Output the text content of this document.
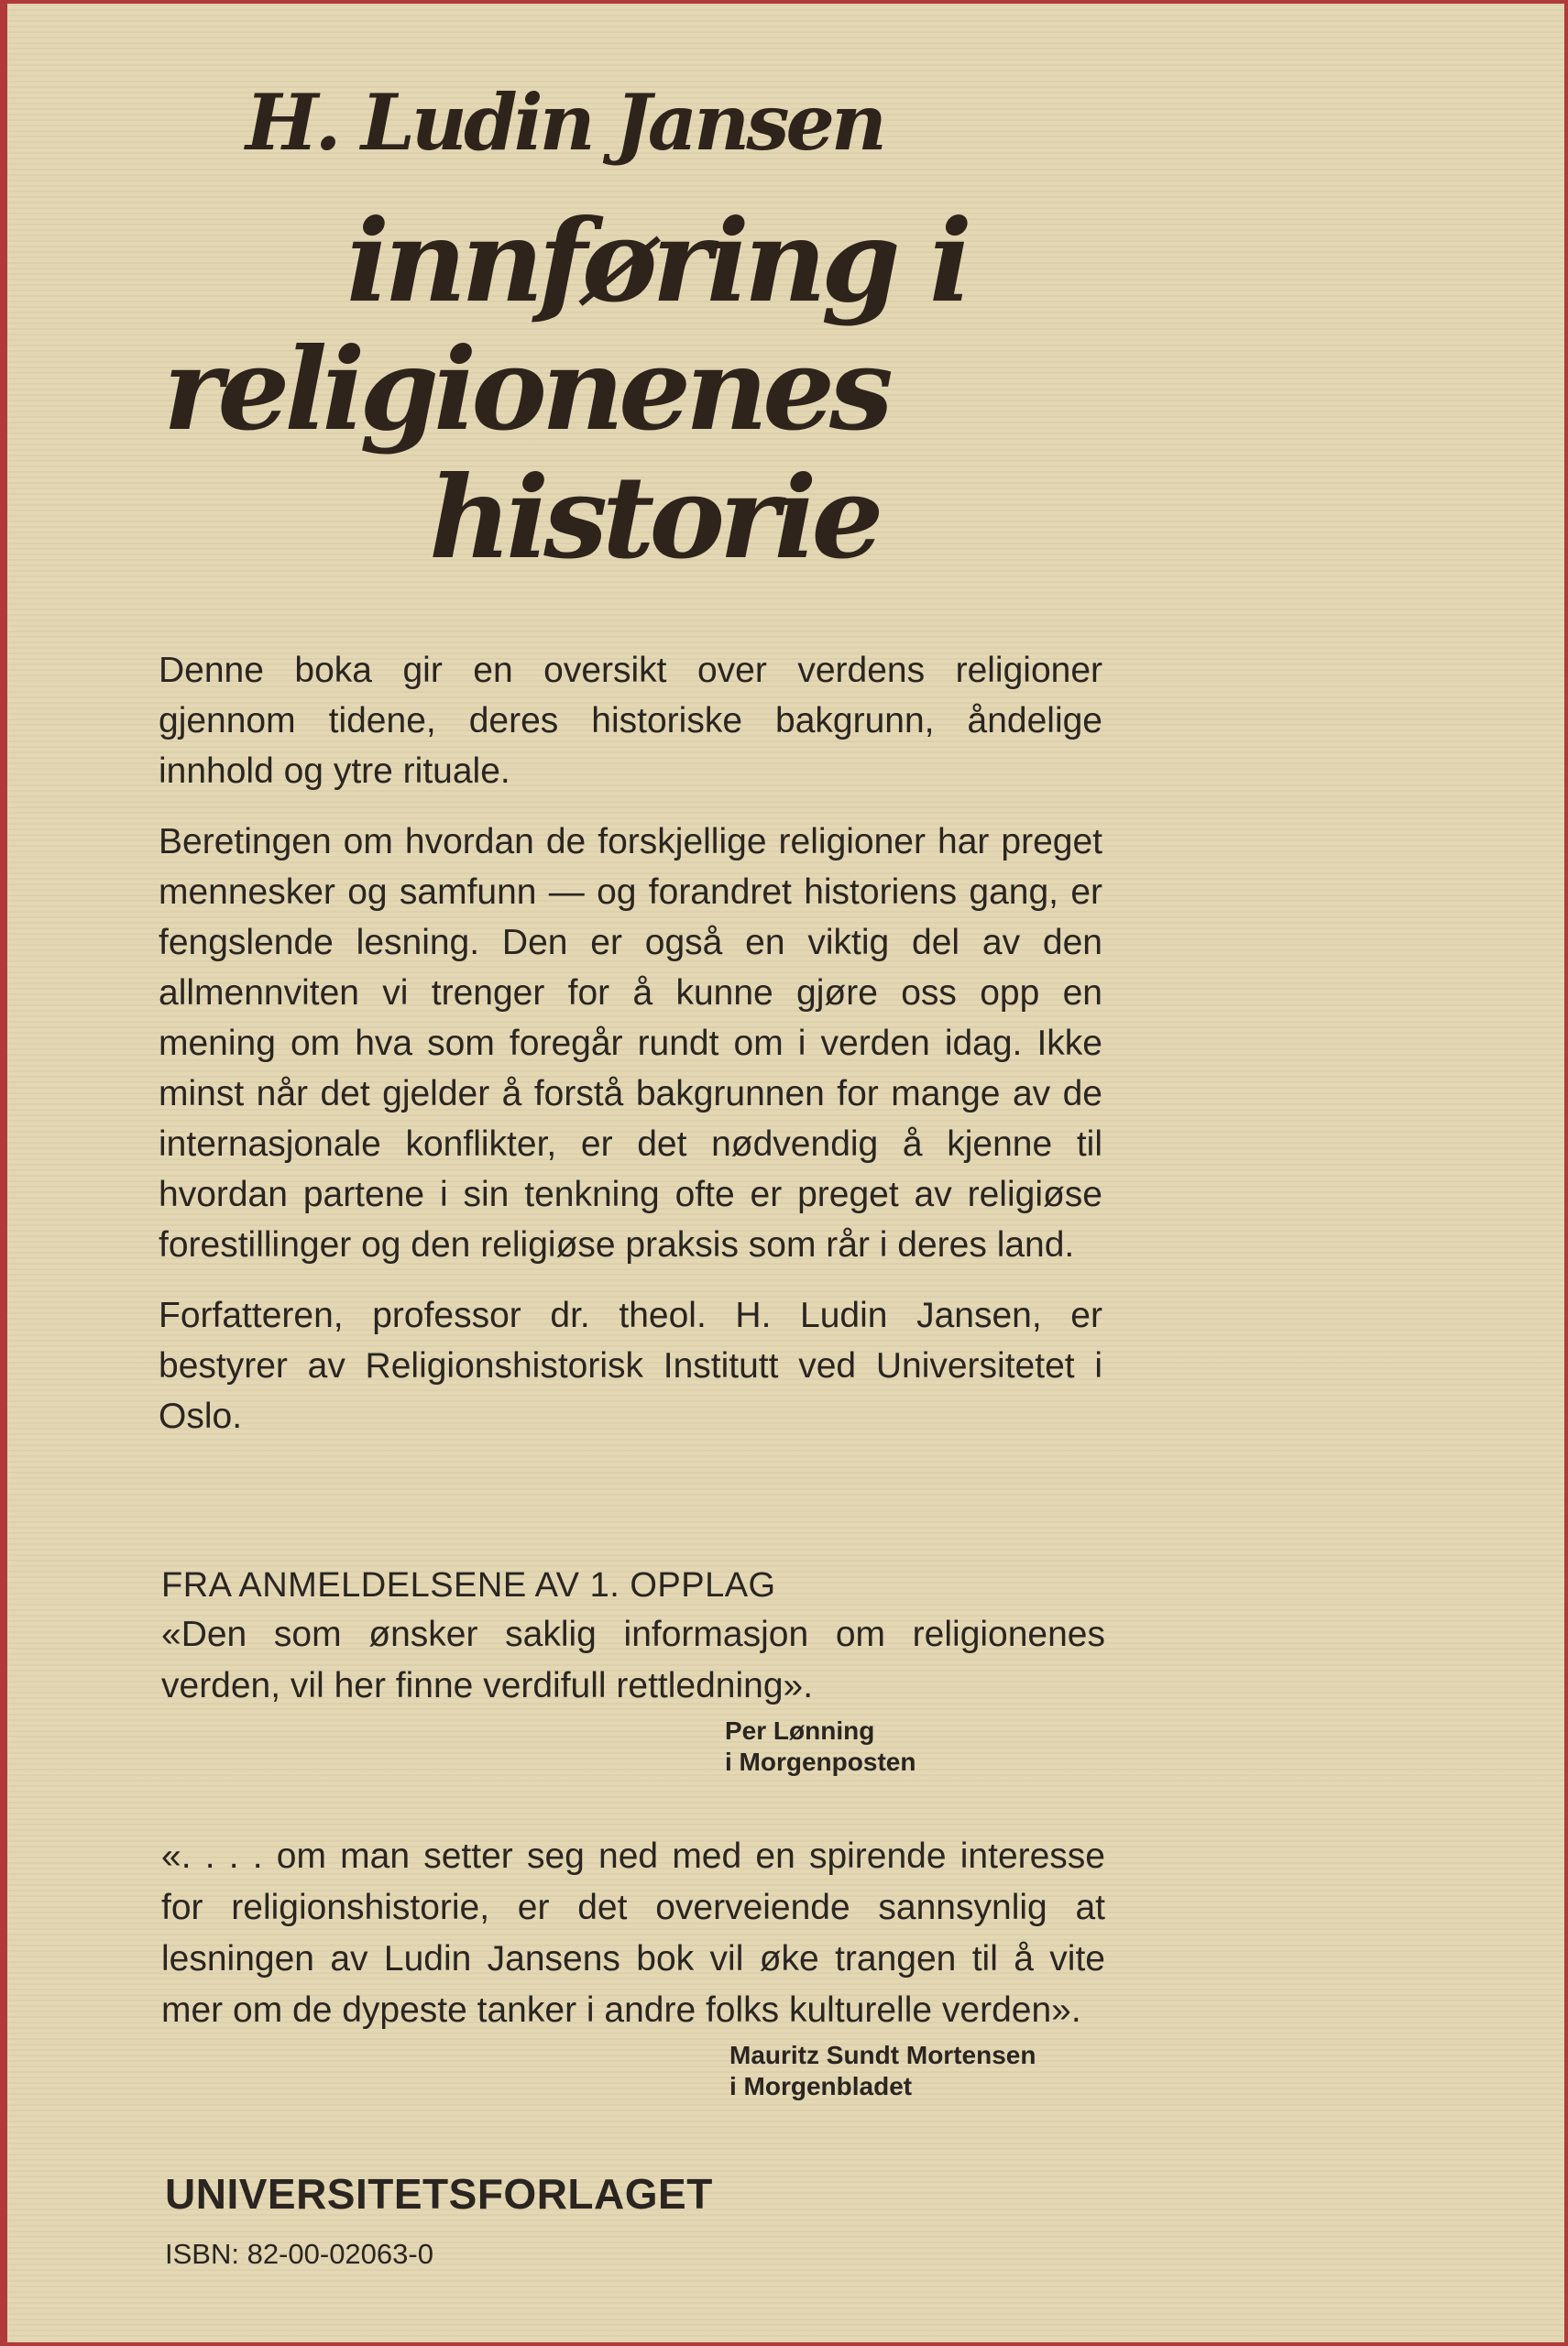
H. Ludin Jansen

innføring i
religionenes
historie

Denne boka gir en oversikt over verdens religioner gjennom tidene, deres historiske bakgrunn, åndelige innhold og ytre rituale.

Beretingen om hvordan de forskjellige religioner har preget mennesker og samfunn — og forandret historiens gang, er fengslende lesning. Den er også en viktig del av den allmennviten vi trenger for å kunne gjøre oss opp en mening om hva som foregår rundt om i verden idag. Ikke minst når det gjelder å forstå bakgrunnen for mange av de internasjonale konflikter, er det nødvendig å kjenne til hvordan partene i sin tenkning ofte er preget av religiøse forestillinger og den religiøse praksis som rår i deres land.

Forfatteren, professor dr. theol. H. Ludin Jansen, er bestyrer av Religionshistorisk Institutt ved Universitetet i Oslo.

FRA ANMELDELSENE AV 1. OPPLAG

«Den som ønsker saklig informasjon om religionenes verden, vil her finne verdifull rettledning».

Per Lønning
i Morgenposten

«. . . . om man setter seg ned med en spirende interesse for religionshistorie, er det overveiende sannsynlig at lesningen av Ludin Jansens bok vil øke trangen til å vite mer om de dypeste tanker i andre folks kulturelle verden».

Mauritz Sundt Mortensen
i Morgenbladet

UNIVERSITETSFORLAGET

ISBN: 82-00-02063-0
